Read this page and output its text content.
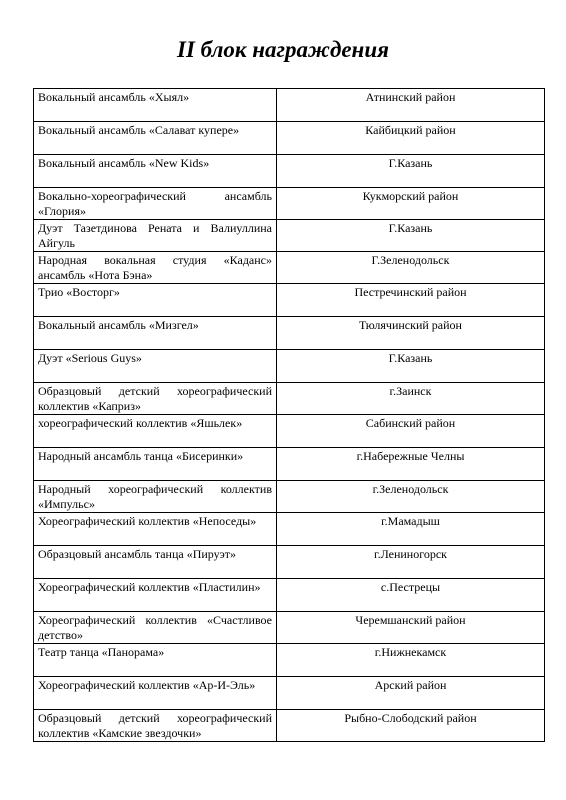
II блок награждения
Вокальный ансамбль «Хыял»	Атнинский район
Вокальный ансамбль «Салават купере»	Кайбицкий район
Вокальный ансамбль «New Kids»	Г.Казань
Вокально-хореографический ансамбль «Глория»	Кукморский район
Дуэт Тазетдинова Рената и Валиуллина Айгуль	Г.Казань
Народная вокальная студия «Каданс» ансамбль «Нота Бэна»	Г.Зеленодольск
Трио «Восторг»	Пестречинский район
Вокальный ансамбль «Мизгел»	Тюлячинский район
Дуэт «Serious Guys»	Г.Казань
Образцовый детский хореографический коллектив «Каприз»	г.Заинск
хореографический коллектив «Яшьлек»	Сабинский район
Народный ансамбль танца «Бисеринки»	г.Набережные Челны
Народный хореографический коллектив «Импульс»	г.Зеленодольск
Хореографический коллектив «Непоседы»	г.Мамадыш
Образцовый ансамбль танца «Пируэт»	г.Лениногорск
Хореографический коллектив «Пластилин»	с.Пестрецы
Хореографический коллектив «Счастливое детство»	Черемшанский район
Театр танца «Панорама»	г.Нижнекамск
Хореографический коллектив «Ар-И-Эль»	Арский район
Образцовый детский хореографический коллектив «Камские звездочки»	Рыбно-Слободский район
